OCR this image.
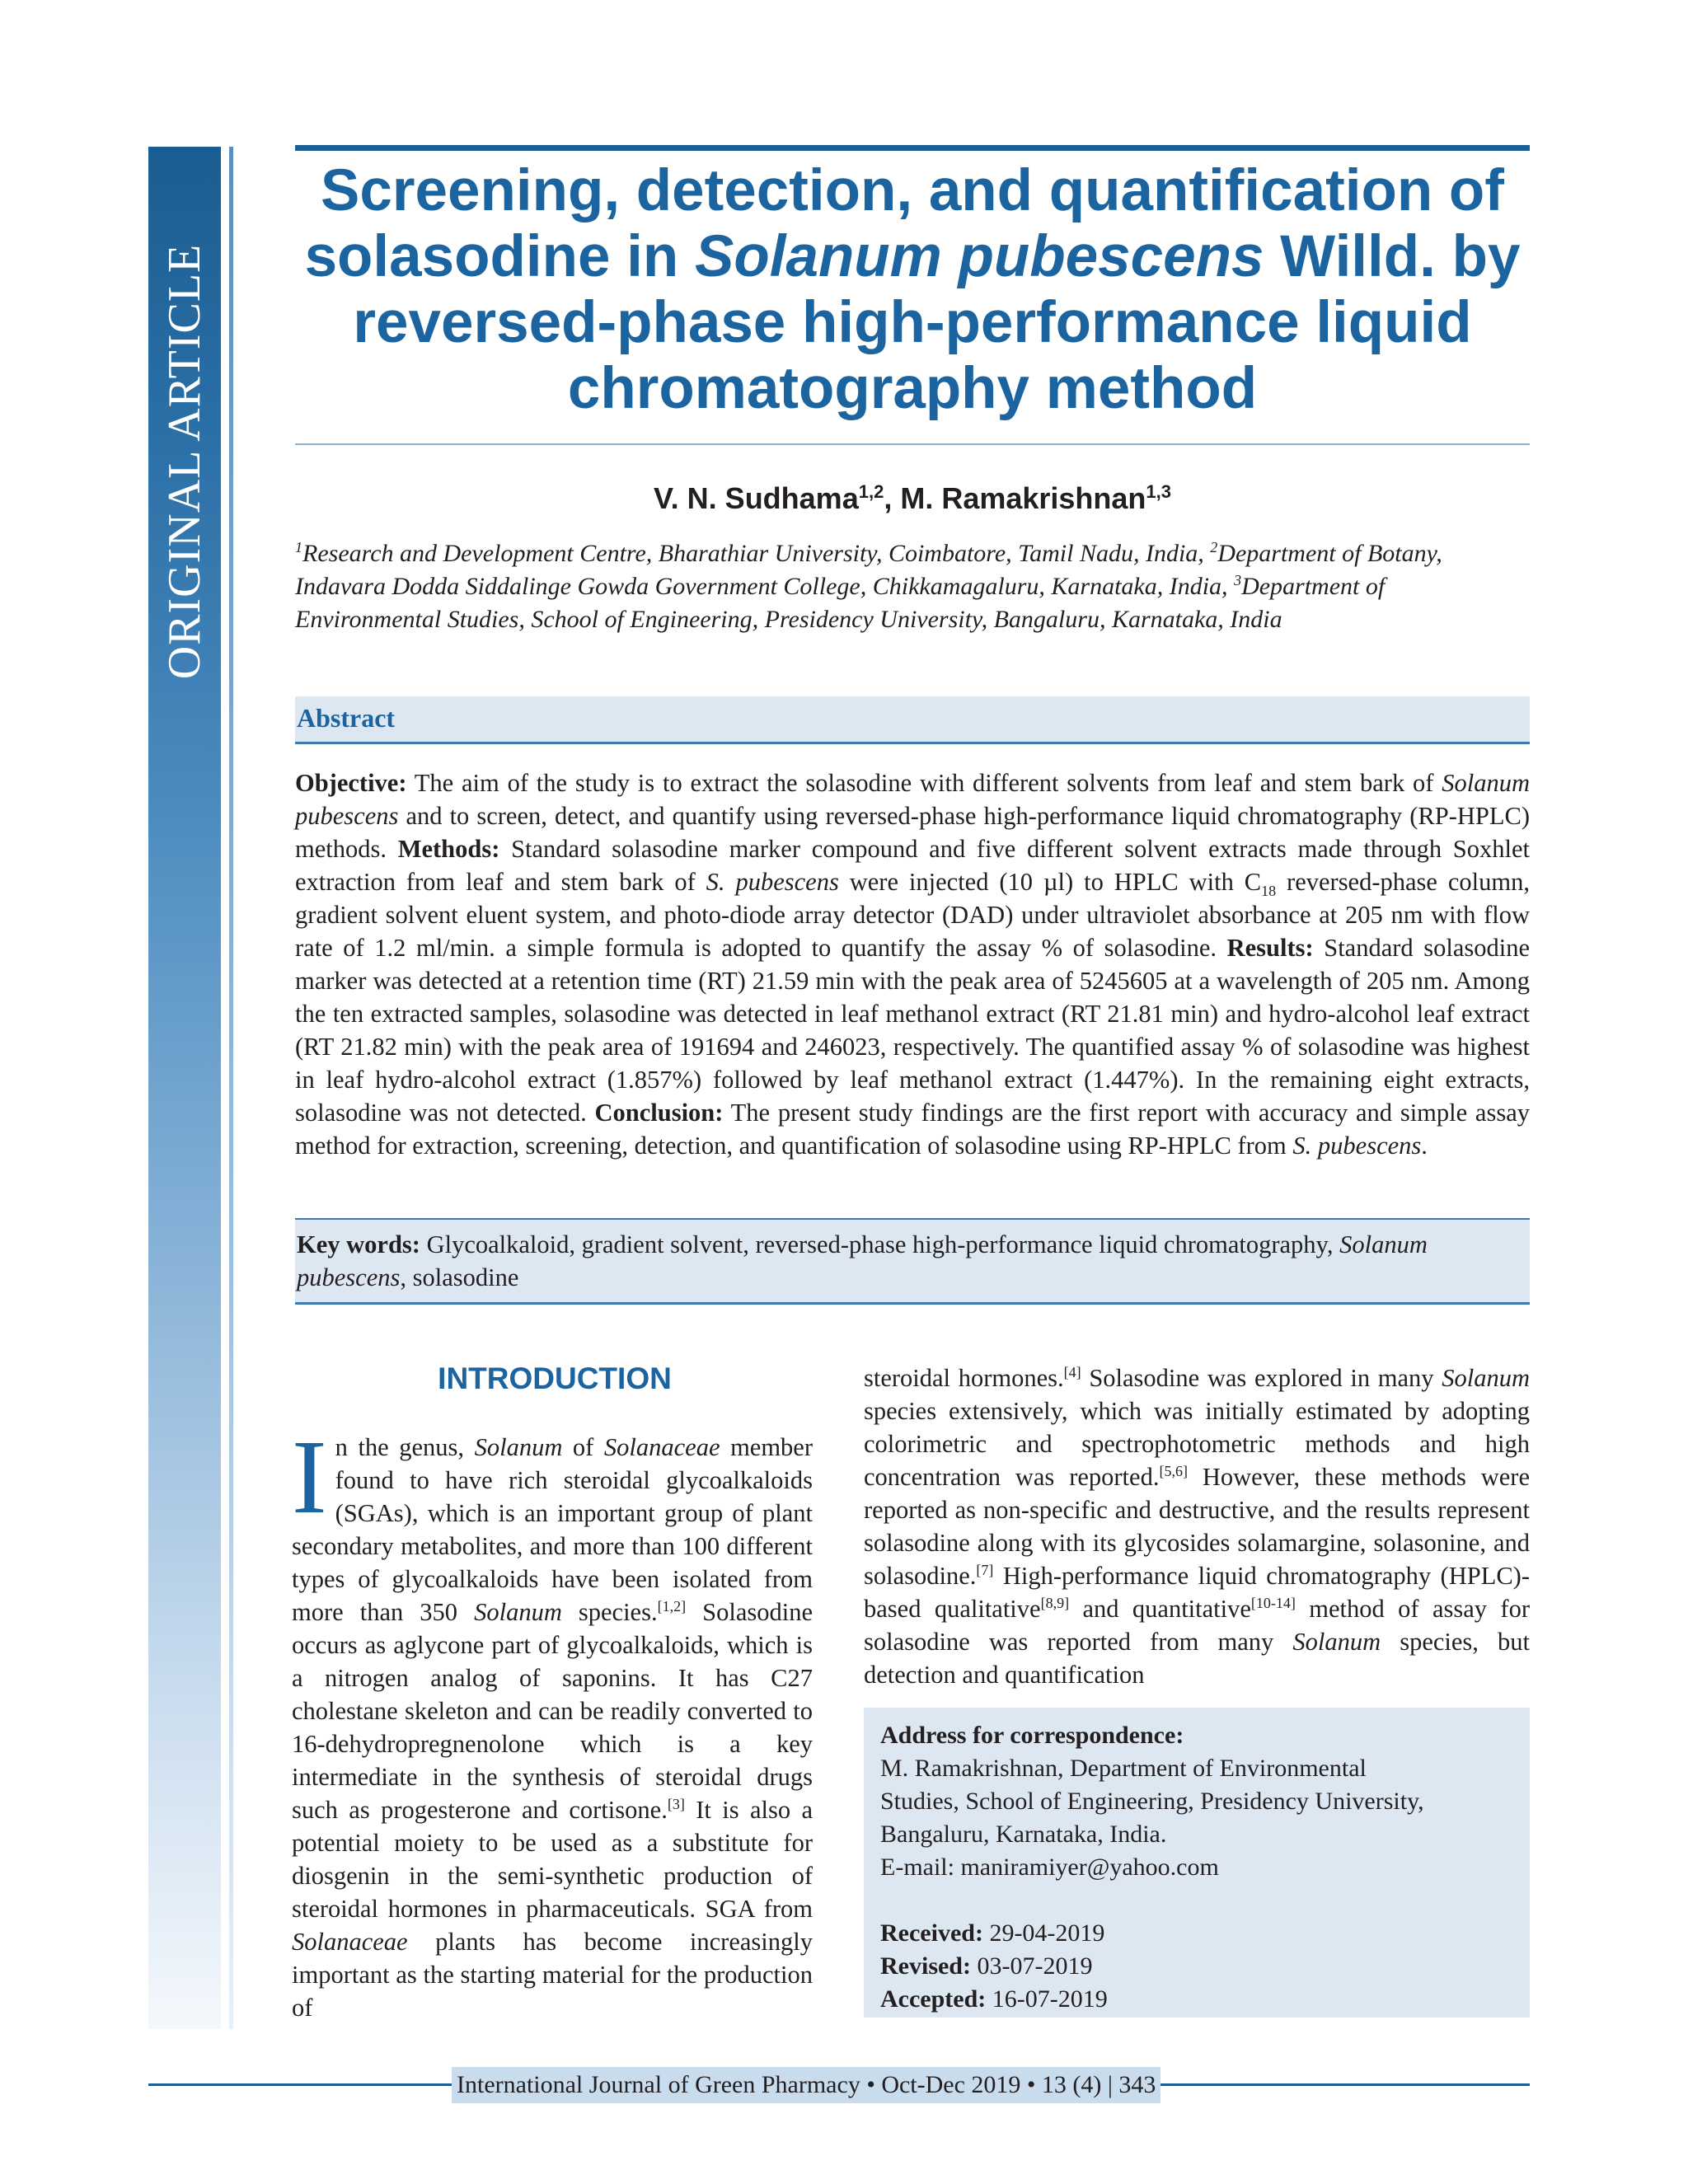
ORIGINAL ARTICLE
Screening, detection, and quantification of solasodine in Solanum pubescens Willd. by reversed-phase high-performance liquid chromatography method
V. N. Sudhama$^{1,2}$, M. Ramakrishnan$^{1,3}$
$^1$Research and Development Centre, Bharathiar University, Coimbatore, Tamil Nadu, India, $^2$Department of Botany, Indavara Dodda Siddalinge Gowda Government College, Chikkamagaluru, Karnataka, India, $^3$Department of Environmental Studies, School of Engineering, Presidency University, Bangaluru, Karnataka, India
Abstract

Objective: The aim of the study is to extract the solasodine with different solvents from leaf and stem bark of Solanum pubescens and to screen, detect, and quantify using reversed-phase high-performance liquid chromatography (RP-HPLC) methods. Methods: Standard solasodine marker compound and five different solvent extracts made through Soxhlet extraction from leaf and stem bark of S. pubescens were injected (10 µl) to HPLC with $C_{18}$ reversed-phase column, gradient solvent eluent system, and photo-diode array detector (DAD) under ultraviolet absorbance at 205 nm with flow rate of 1.2 ml/min. a simple formula is adopted to quantify the assay % of solasodine. Results: Standard solasodine marker was detected at a retention time (RT) 21.59 min with the peak area of 5245605 at a wavelength of 205 nm. Among the ten extracted samples, solasodine was detected in leaf methanol extract (RT 21.81 min) and hydro-alcohol leaf extract (RT 21.82 min) with the peak area of 191694 and 246023, respectively. The quantified assay % of solasodine was highest in leaf hydro-alcohol extract (1.857%) followed by leaf methanol extract (1.447%). In the remaining eight extracts, solasodine was not detected. Conclusion: The present study findings are the first report with accuracy and simple assay method for extraction, screening, detection, and quantification of solasodine using RP-HPLC from S. pubescens.

Key words: Glycoalkaloid, gradient solvent, reversed-phase high-performance liquid chromatography, Solanum pubescens, solasodine

INTRODUCTION

In the genus, Solanum of Solanaceae member found to have rich steroidal glycoalkaloids (SGAs), which is an important group of plant secondary metabolites, and more than 100 different types of glycoalkaloids have been isolated from more than 350 Solanum species.[1,2] Solasodine occurs as aglycone part of glycoalkaloids, which is a nitrogen analog of saponins. It has C27 cholestane skeleton and can be readily converted to 16-dehydropregnenolone which is a key intermediate in the synthesis of steroidal drugs such as progesterone and cortisone.[3] It is also a potential moiety to be used as a substitute for diosgenin in the semi-synthetic production of steroidal hormones in pharmaceuticals. SGA from Solanaceae plants has become increasingly important as the starting material for the production of

steroidal hormones.[4] Solasodine was explored in many Solanum species extensively, which was initially estimated by adopting colorimetric and spectrophotometric methods and high concentration was reported.[5,6] However, these methods were reported as non-specific and destructive, and the results represent solasodine along with its glycosides solamargine, solasonine, and solasodine.[7] High-performance liquid chromatography (HPLC)-based qualitative[8,9] and quantitative[10-14] method of assay for solasodine was reported from many Solanum species, but detection and quantification

Address for correspondence:
M. Ramakrishnan, Department of Environmental
Studies, School of Engineering, Presidency University,
Bangaluru, Karnataka, India.
E-mail: maniramiyer@yahoo.com
Received: 29-04-2019
Revised: 03-07-2019
Accepted: 16-07-2019
International Journal of Green Pharmacy • Oct-Dec 2019 • 13 (4) | 343
